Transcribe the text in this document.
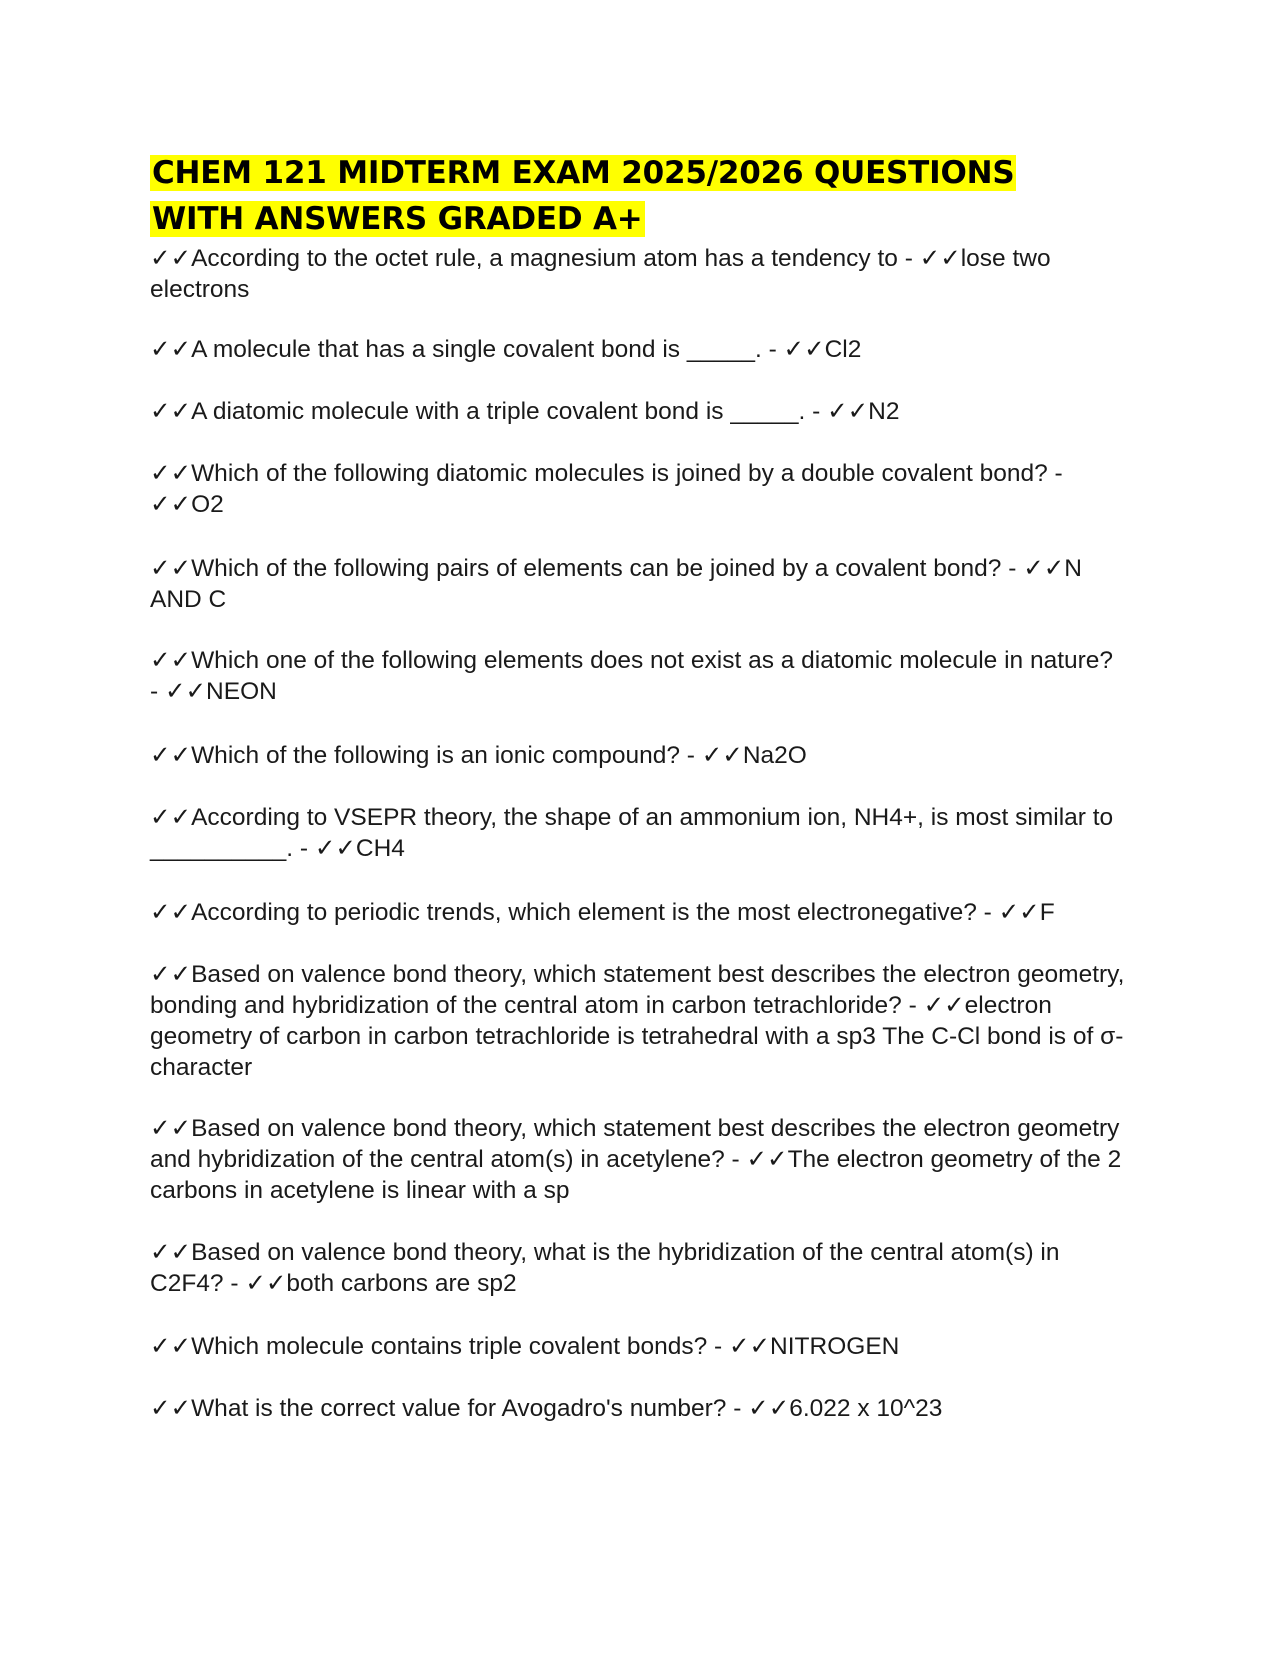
CHEM 121 MIDTERM EXAM 2025/2026 QUESTIONS WITH ANSWERS GRADED A+

✓✓According to the octet rule, a magnesium atom has a tendency to - ✓✓lose two electrons

✓✓A molecule that has a single covalent bond is _____. - ✓✓Cl2

✓✓A diatomic molecule with a triple covalent bond is _____. - ✓✓N2

✓✓Which of the following diatomic molecules is joined by a double covalent bond? - ✓✓O2

✓✓Which of the following pairs of elements can be joined by a covalent bond? - ✓✓N AND C

✓✓Which one of the following elements does not exist as a diatomic molecule in nature? - ✓✓NEON

✓✓Which of the following is an ionic compound? - ✓✓Na2O

✓✓According to VSEPR theory, the shape of an ammonium ion, NH4+, is most similar to __________. - ✓✓CH4

✓✓According to periodic trends, which element is the most electronegative? - ✓✓F

✓✓Based on valence bond theory, which statement best describes the electron geometry, bonding and hybridization of the central atom in carbon tetrachloride? - ✓✓electron geometry of carbon in carbon tetrachloride is tetrahedral with a sp3 The C-Cl bond is of σ-character

✓✓Based on valence bond theory, which statement best describes the electron geometry and hybridization of the central atom(s) in acetylene? - ✓✓The electron geometry of the 2 carbons in acetylene is linear with a sp

✓✓Based on valence bond theory, what is the hybridization of the central atom(s) in C2F4? - ✓✓both carbons are sp2

✓✓Which molecule contains triple covalent bonds? - ✓✓NITROGEN

✓✓What is the correct value for Avogadro's number? - ✓✓6.022 x 10^23
